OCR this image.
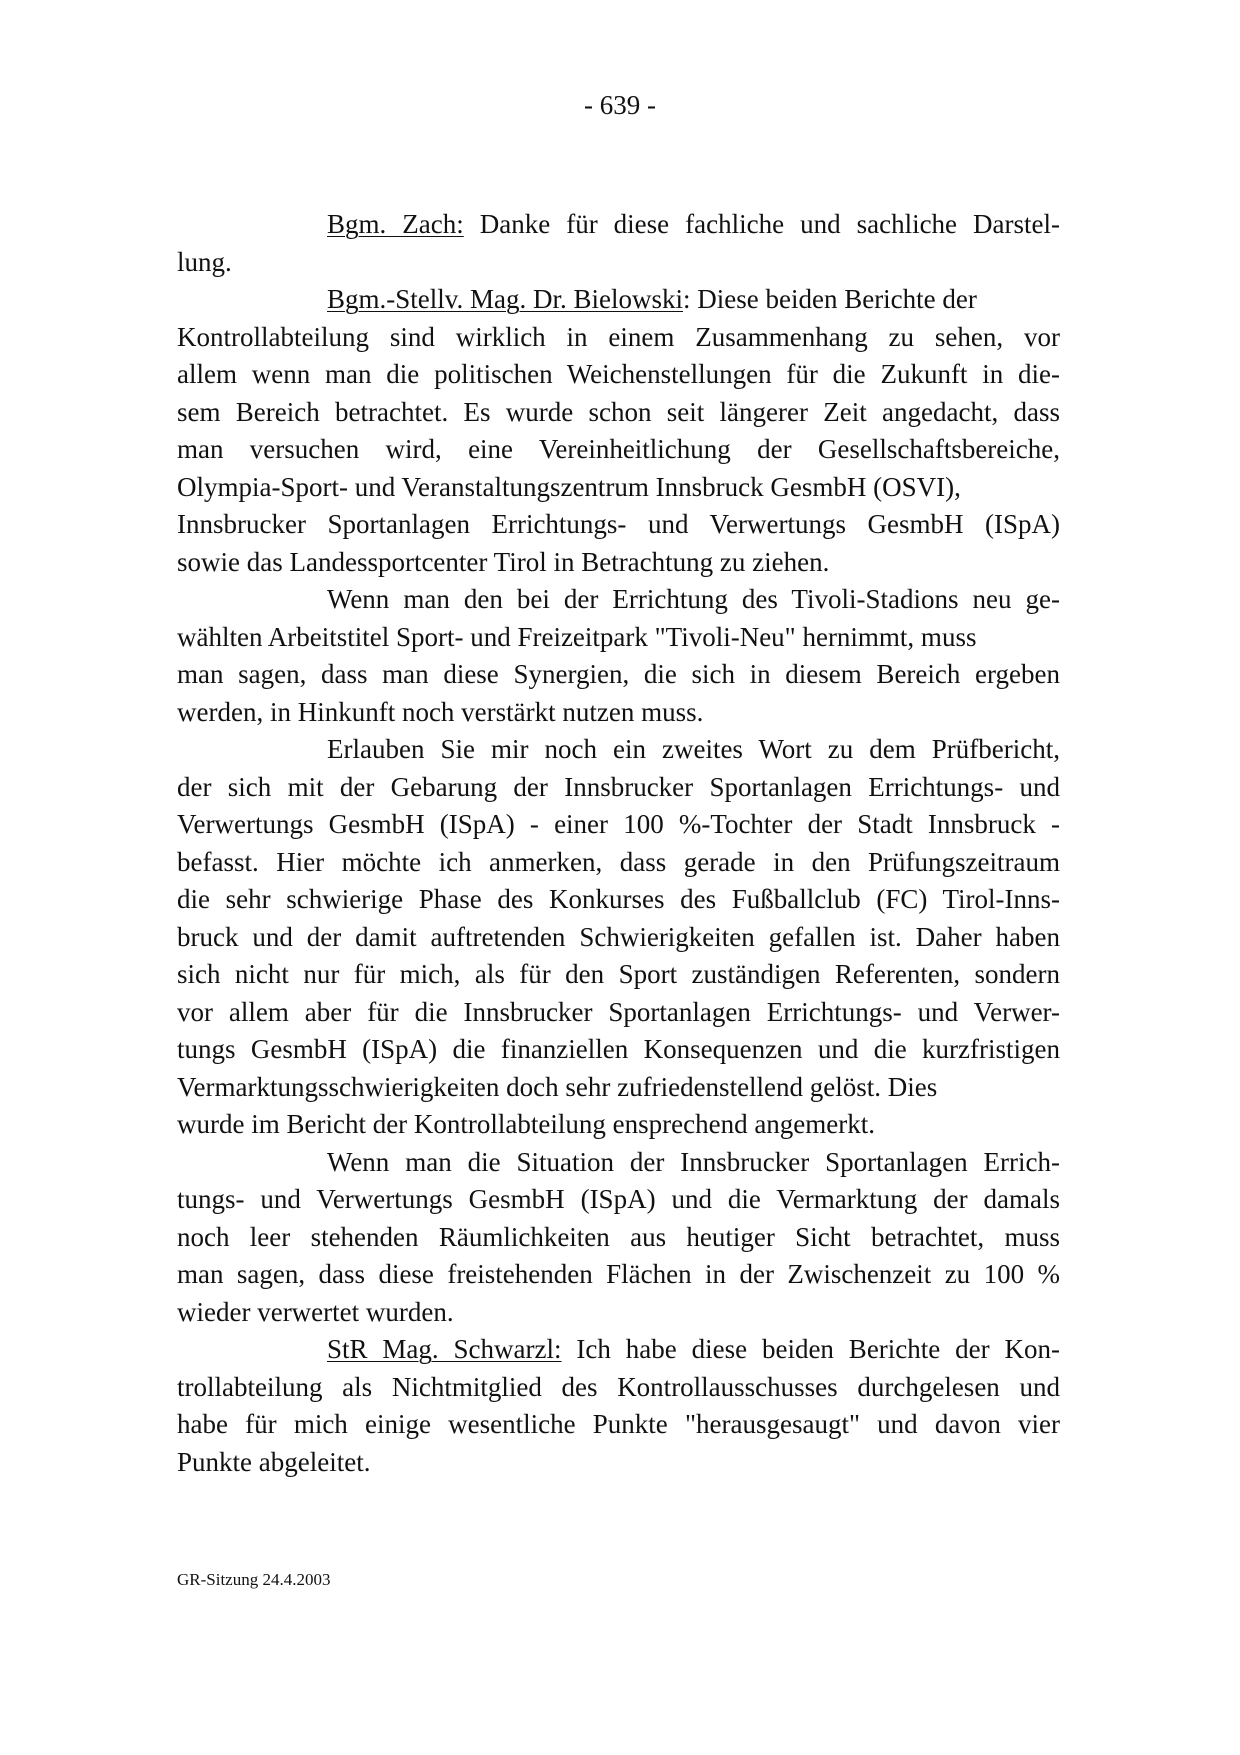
- 639 -
Bgm. Zach: Danke für diese fachliche und sachliche Darstel-
lung.
Bgm.-Stellv. Mag. Dr. Bielowski: Diese beiden Berichte der
Kontrollabteilung sind wirklich in einem Zusammenhang zu sehen, vor
allem wenn man die politischen Weichenstellungen für die Zukunft in die-
sem Bereich betrachtet. Es wurde schon seit längerer Zeit angedacht, dass
man versuchen wird, eine Vereinheitlichung der Gesellschaftsbereiche,
Olympia-Sport- und Veranstaltungszentrum Innsbruck GesmbH (OSVI),
Innsbrucker Sportanlagen Errichtungs- und Verwertungs GesmbH (ISpA)
sowie das Landessportcenter Tirol in Betrachtung zu ziehen.
Wenn man den bei der Errichtung des Tivoli-Stadions neu ge-
wählten Arbeitstitel Sport- und Freizeitpark "Tivoli-Neu" hernimmt, muss
man sagen, dass man diese Synergien, die sich in diesem Bereich ergeben
werden, in Hinkunft noch verstärkt nutzen muss.
Erlauben Sie mir noch ein zweites Wort zu dem Prüfbericht,
der sich mit der Gebarung der Innsbrucker Sportanlagen Errichtungs- und
Verwertungs GesmbH (ISpA) - einer 100 %-Tochter der Stadt Innsbruck -
befasst. Hier möchte ich anmerken, dass gerade in den Prüfungszeitraum
die sehr schwierige Phase des Konkurses des Fußballclub (FC) Tirol-Inns-
bruck und der damit auftretenden Schwierigkeiten gefallen ist. Daher haben
sich nicht nur für mich, als für den Sport zuständigen Referenten, sondern
vor allem aber für die Innsbrucker Sportanlagen Errichtungs- und Verwer-
tungs GesmbH (ISpA) die finanziellen Konsequenzen und die kurzfristigen
Vermarktungsschwierigkeiten doch sehr zufriedenstellend gelöst. Dies
wurde im Bericht der Kontrollabteilung ensprechend angemerkt.
Wenn man die Situation der Innsbrucker Sportanlagen Errich-
tungs- und Verwertungs GesmbH (ISpA) und die Vermarktung der damals
noch leer stehenden Räumlichkeiten aus heutiger Sicht betrachtet, muss
man sagen, dass diese freistehenden Flächen in der Zwischenzeit zu 100 %
wieder verwertet wurden.
StR Mag. Schwarzl: Ich habe diese beiden Berichte der Kon-
trollabteilung als Nichtmitglied des Kontrollausschusses durchgelesen und
habe für mich einige wesentliche Punkte "herausgesaugt" und davon vier
Punkte abgeleitet.
GR-Sitzung 24.4.2003
